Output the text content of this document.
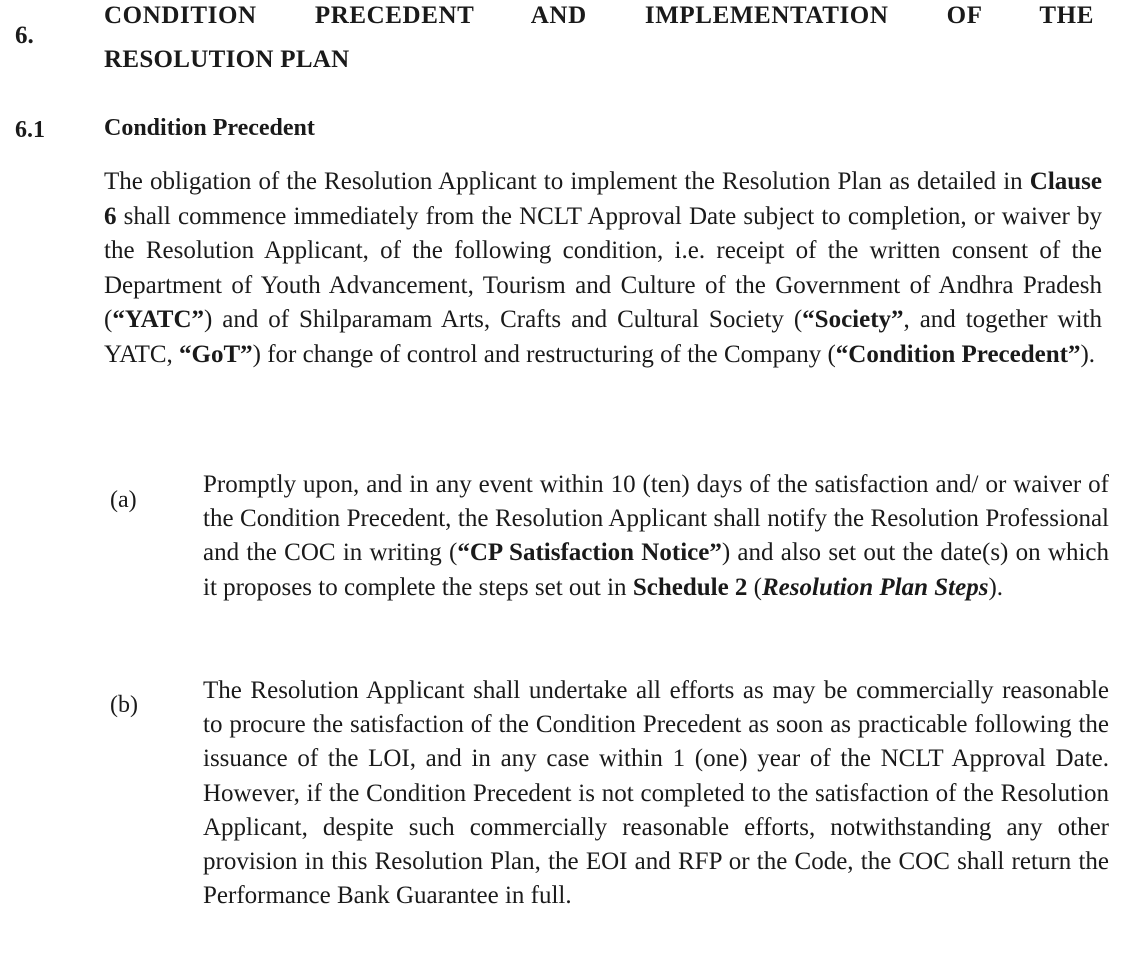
6.
CONDITION PRECEDENT AND IMPLEMENTATION OF THE
RESOLUTION PLAN
6.1 Condition Precedent
The obligation of the Resolution Applicant to implement the Resolution Plan as detailed in Clause 6 shall commence immediately from the NCLT Approval Date subject to completion, or waiver by the Resolution Applicant, of the following condition, i.e. receipt of the written consent of the Department of Youth Advancement, Tourism and Culture of the Government of Andhra Pradesh (“YATC”) and of Shilparamam Arts, Crafts and Cultural Society (“Society”, and together with YATC, “GoT”) for change of control and restructuring of the Company (“Condition Precedent”).
(a)
Promptly upon, and in any event within 10 (ten) days of the satisfaction and/ or waiver of the Condition Precedent, the Resolution Applicant shall notify the Resolution Professional and the COC in writing (“CP Satisfaction Notice”) and also set out the date(s) on which it proposes to complete the steps set out in Schedule 2 (Resolution Plan Steps).
(b)
The Resolution Applicant shall undertake all efforts as may be commercially reasonable to procure the satisfaction of the Condition Precedent as soon as practicable following the issuance of the LOI, and in any case within 1 (one) year of the NCLT Approval Date. However, if the Condition Precedent is not completed to the satisfaction of the Resolution Applicant, despite such commercially reasonable efforts, notwithstanding any other provision in this Resolution Plan, the EOI and RFP or the Code, the COC shall return the Performance Bank Guarantee in full.
